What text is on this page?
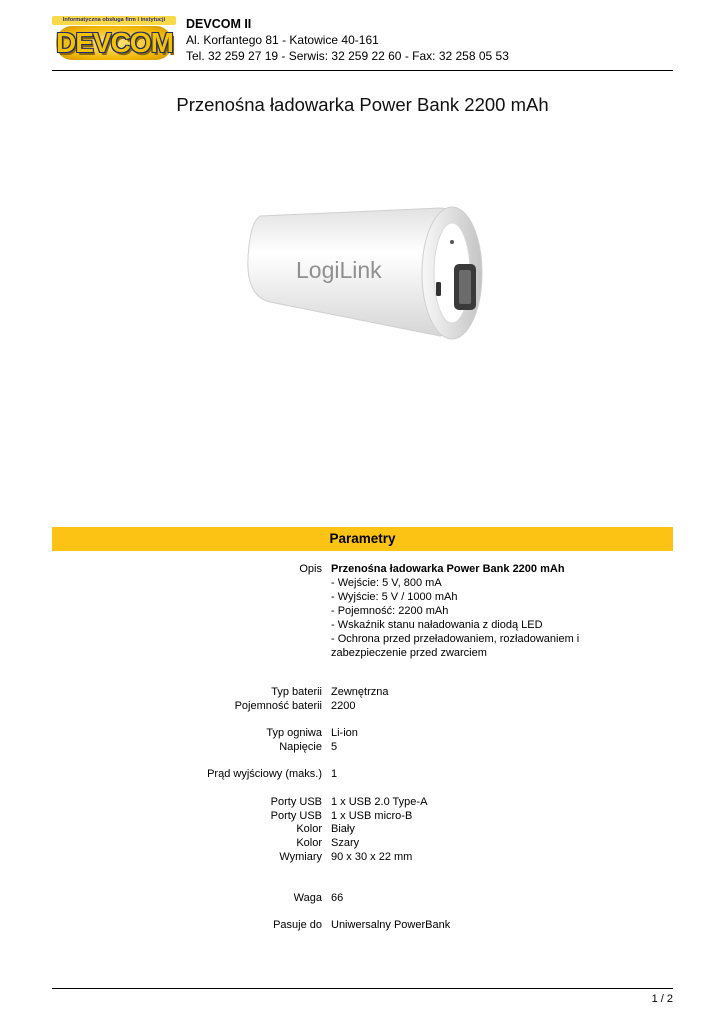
Informatyczna obsługa firm i instytucji
DEVCOM
DEVCOM II
Al. Korfantego 81 - Katowice 40-161
Tel. 32 259 27 19 - Serwis: 32 259 22 60 - Fax: 32 258 05 53
Przenośna ładowarka Power Bank 2200 mAh
LogiLink
Parametry
Opis Przenośna ładowarka Power Bank 2200 mAh
- Wejście: 5 V, 800 mA
- Wyjście: 5 V / 1000 mAh
- Pojemność: 2200 mAh
- Wskaźnik stanu naładowania z diodą LED
- Ochrona przed przeładowaniem, rozładowaniem i zabezpieczenie przed zwarciem
Typ baterii Zewnętrzna
Pojemność baterii 2200
Typ ogniwa Li-ion
Napięcie 5
Prąd wyjściowy (maks.) 1
Porty USB 1 x USB 2.0 Type-A
Porty USB 1 x USB micro-B
Kolor Biały
Kolor Szary
Wymiary 90 x 30 x 22 mm
Waga 66
Pasuje do Uniwersalny PowerBank
1 / 2
